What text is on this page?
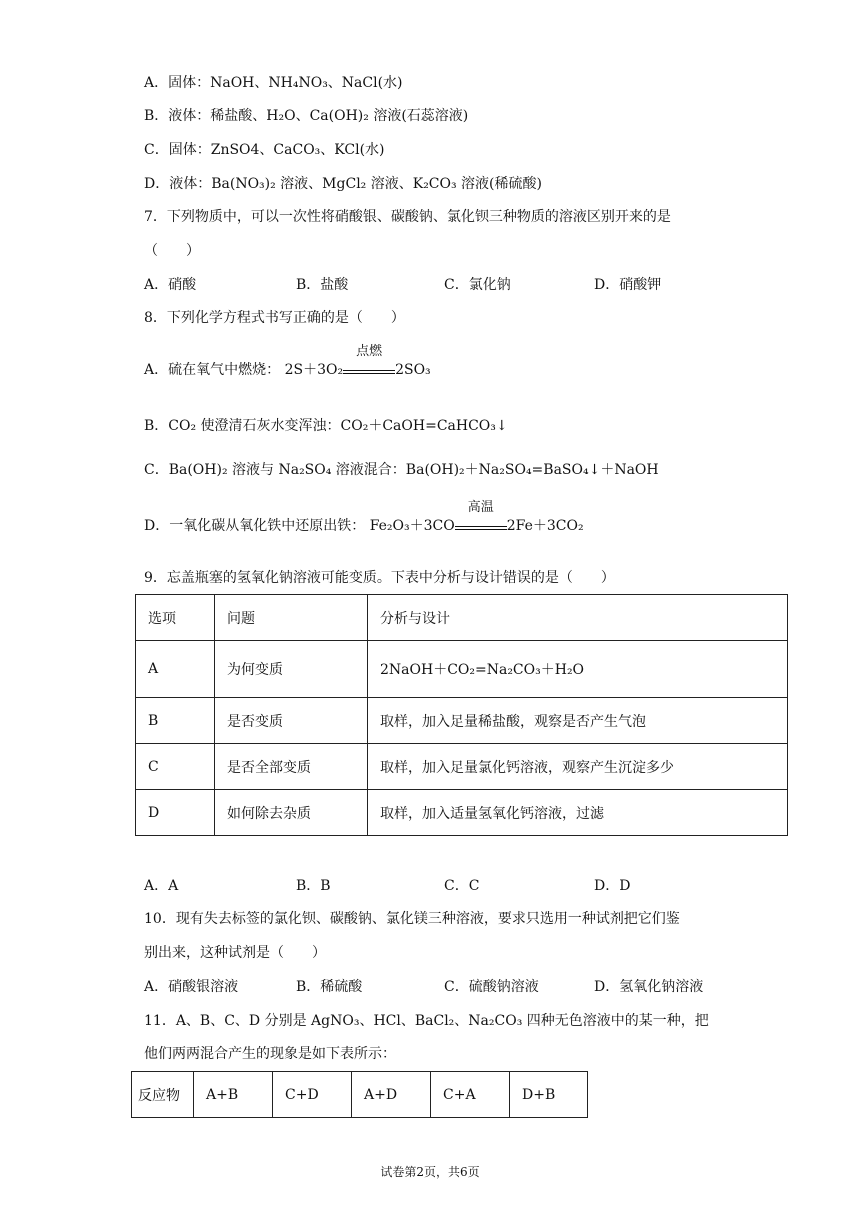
A．固体：NaOH、NH₄NO₃、NaCl(水)
B．液体：稀盐酸、H₂O、Ca(OH)₂ 溶液(石蕊溶液)
C．固体：ZnSO4、CaCO₃、KCl(水)
D．液体：Ba(NO₃)₂ 溶液、MgCl₂ 溶液、K₂CO₃ 溶液(稀硫酸)
7．下列物质中，可以一次性将硝酸银、碳酸钠、氯化钡三种物质的溶液区别开来的是
（　　）
A．硝酸	B．盐酸	C．氯化钠	D．硝酸钾
8．下列化学方程式书写正确的是（　　）
A．硫在氧气中燃烧： 2S＋3O₂
点燃
2SO₃
B．CO₂ 使澄清石灰水变浑浊：CO₂＋CaOH=CaHCO₃↓
C．Ba(OH)₂ 溶液与 Na₂SO₄ 溶液混合：Ba(OH)₂＋Na₂SO₄=BaSO₄↓＋NaOH
D．一氧化碳从氧化铁中还原出铁： Fe₂O₃＋3CO
高温
2Fe＋3CO₂
9．忘盖瓶塞的氢氧化钠溶液可能变质。下表中分析与设计错误的是（　　）
选项	问题	分析与设计
A	为何变质	2NaOH＋CO₂=Na₂CO₃＋H₂O
B	是否变质	取样，加入足量稀盐酸，观察是否产生气泡
C	是否全部变质	取样，加入足量氯化钙溶液，观察产生沉淀多少
D	如何除去杂质	取样，加入适量氢氧化钙溶液，过滤
A．A	B．B	C．C	D．D
10．现有失去标签的氯化钡、碳酸钠、氯化镁三种溶液，要求只选用一种试剂把它们鉴
别出来，这种试剂是（　　）
A．硝酸银溶液	B．稀硫酸	C．硫酸钠溶液	D．氢氧化钠溶液
11．A、B、C、D 分别是 AgNO₃、HCl、BaCl₂、Na₂CO₃ 四种无色溶液中的某一种，把
他们两两混合产生的现象是如下表所示：
反应物	A+B	C+D	A+D	C+A	D+B
试卷第2页，共6页
